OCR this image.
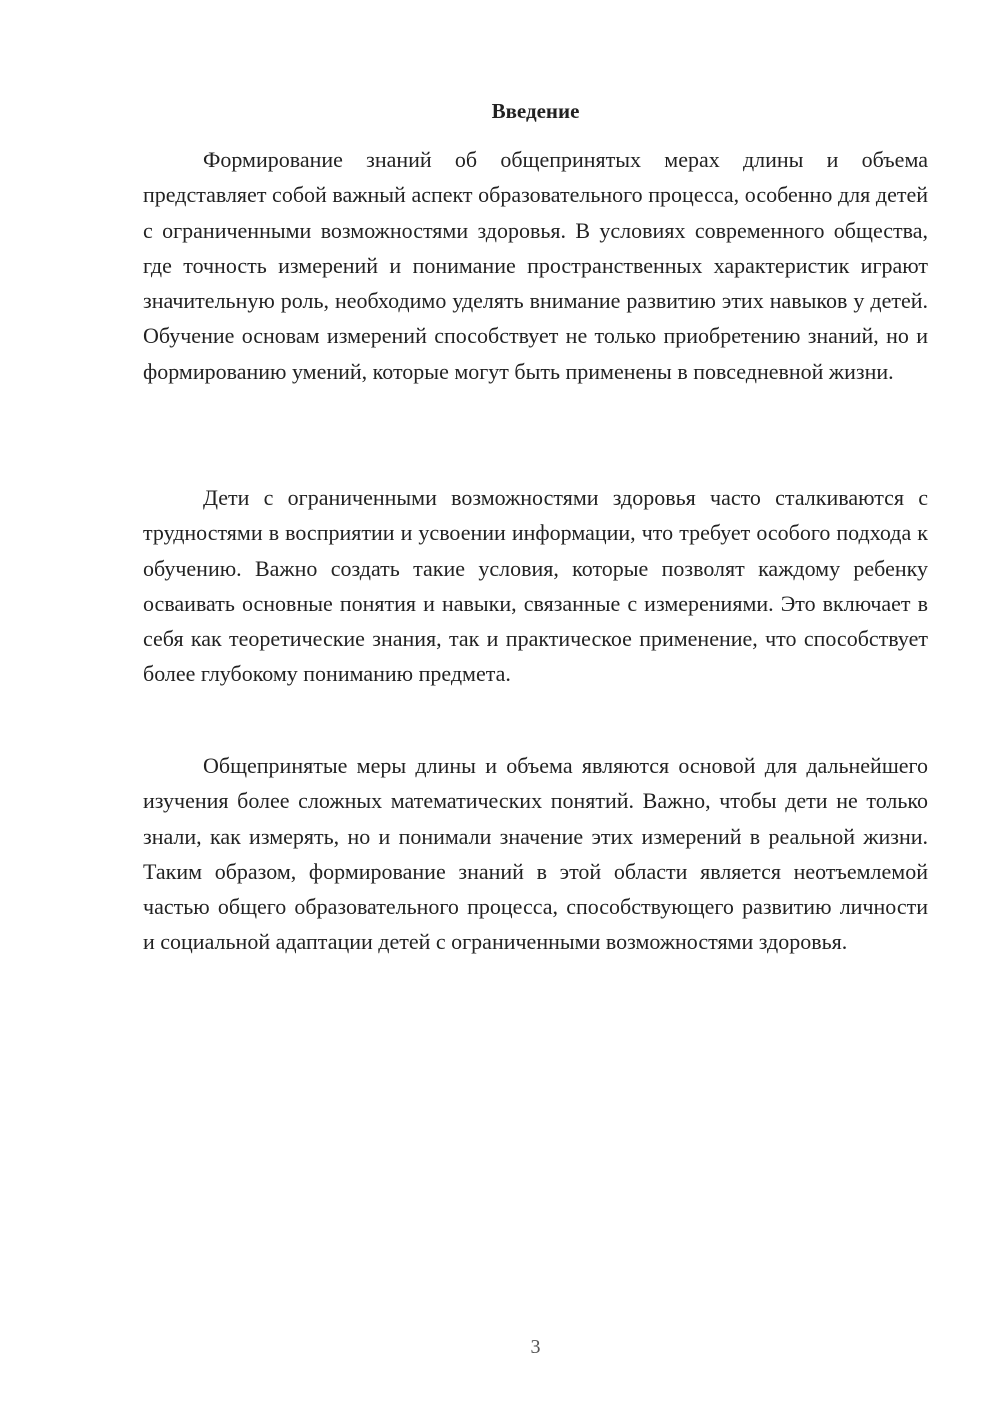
Введение

Формирование знаний об общепринятых мерах длины и объема представляет собой важный аспект образовательного процесса, особенно для детей с ограниченными возможностями здоровья. В условиях современного общества, где точность измерений и понимание пространственных характеристик играют значительную роль, необходимо уделять внимание развитию этих навыков у детей. Обучение основам измерений способствует не только приобретению знаний, но и формированию умений, которые могут быть применены в повседневной жизни.

Дети с ограниченными возможностями здоровья часто сталкиваются с трудностями в восприятии и усвоении информации, что требует особого подхода к обучению. Важно создать такие условия, которые позволят каждому ребенку осваивать основные понятия и навыки, связанные с измерениями. Это включает в себя как теоретические знания, так и практическое применение, что способствует более глубокому пониманию предмета.

Общепринятые меры длины и объема являются основой для дальнейшего изучения более сложных математических понятий. Важно, чтобы дети не только знали, как измерять, но и понимали значение этих измерений в реальной жизни. Таким образом, формирование знаний в этой области является неотъемлемой частью общего образовательного процесса, способствующего развитию личности и социальной адаптации детей с ограниченными возможностями здоровья.

3
